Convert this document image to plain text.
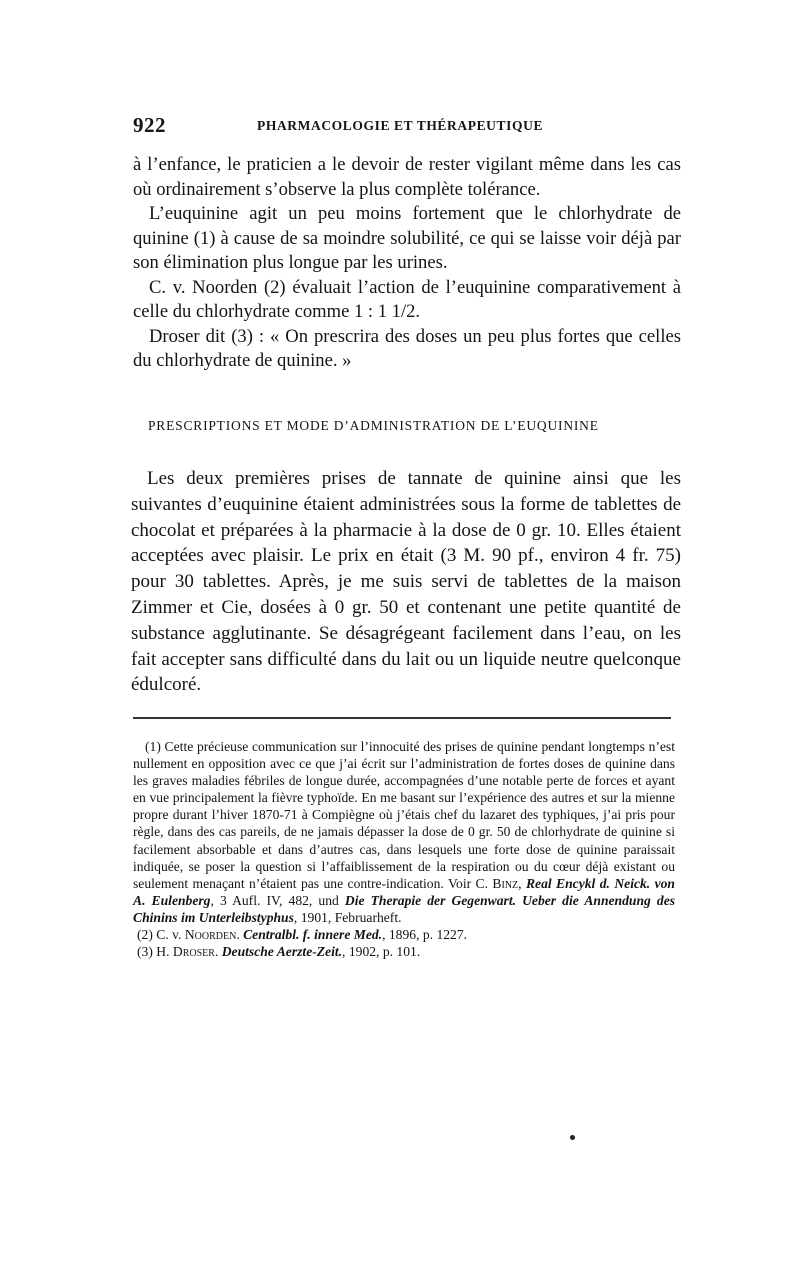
922	PHARMACOLOGIE ET THÉRAPEUTIQUE

à l’enfance, le praticien a le devoir de rester vigilant même dans les cas où ordinairement s’observe la plus complète tolérance.

L’euquinine agit un peu moins fortement que le chlorhydrate de quinine (1) à cause de sa moindre solubilité, ce qui se laisse voir déjà par son élimination plus longue par les urines.

C. v. Noorden (2) évaluait l’action de l’euquinine comparativement à celle du chlorhydrate comme 1 : 1 1/2.

Droser dit (3) : « On prescrira des doses un peu plus fortes que celles du chlorhydrate de quinine. »

PRESCRIPTIONS ET MODE D’ADMINISTRATION DE L’EUQUININE

Les deux premières prises de tannate de quinine ainsi que les suivantes d’euquinine étaient administrées sous la forme de tablettes de chocolat et préparées à la pharmacie à la dose de 0 gr. 10. Elles étaient acceptées avec plaisir. Le prix en était (3 M. 90 pf., environ 4 fr. 75) pour 30 tablettes. Après, je me suis servi de tablettes de la maison Zimmer et Cie, dosées à 0 gr. 50 et contenant une petite quantité de substance agglutinante. Se désagrégeant facilement dans l’eau, on les fait accepter sans difficulté dans du lait ou un liquide neutre quelconque édulcoré.

(1) Cette précieuse communication sur l’innocuité des prises de quinine pendant longtemps n’est nullement en opposition avec ce que j’ai écrit sur l’administration de fortes doses de quinine dans les graves maladies fébriles de longue durée, accompagnées d’une notable perte de forces et ayant en vue principalement la fièvre typhoïde. En me basant sur l’expérience des autres et sur la mienne propre durant l’hiver 1870-71 à Compiègne où j’étais chef du lazaret des typhiques, j’ai pris pour règle, dans des cas pareils, de ne jamais dépasser la dose de 0 gr. 50 de chlorhydrate de quinine si facilement absorbable et dans d’autres cas, dans lesquels une forte dose de quinine paraissait indiquée, se poser la question si l’affaiblissement de la respiration ou du cœur déjà existant ou seulement menaçant n’étaient pas une contre-indication. Voir C. Binz, Real Encykl d. Neick. von A. Eulenberg, 3 Aufl. IV, 482, und Die Therapie der Gegenwart. Ueber die Annendung des Chinins im Unterleibstyphus, 1901, Februarheft.

(2) C. v. Noorden. Centralbl. f. innere Med., 1896, p. 1227.

(3) H. Droser. Deutsche Aerzte-Zeit., 1902, p. 101.
